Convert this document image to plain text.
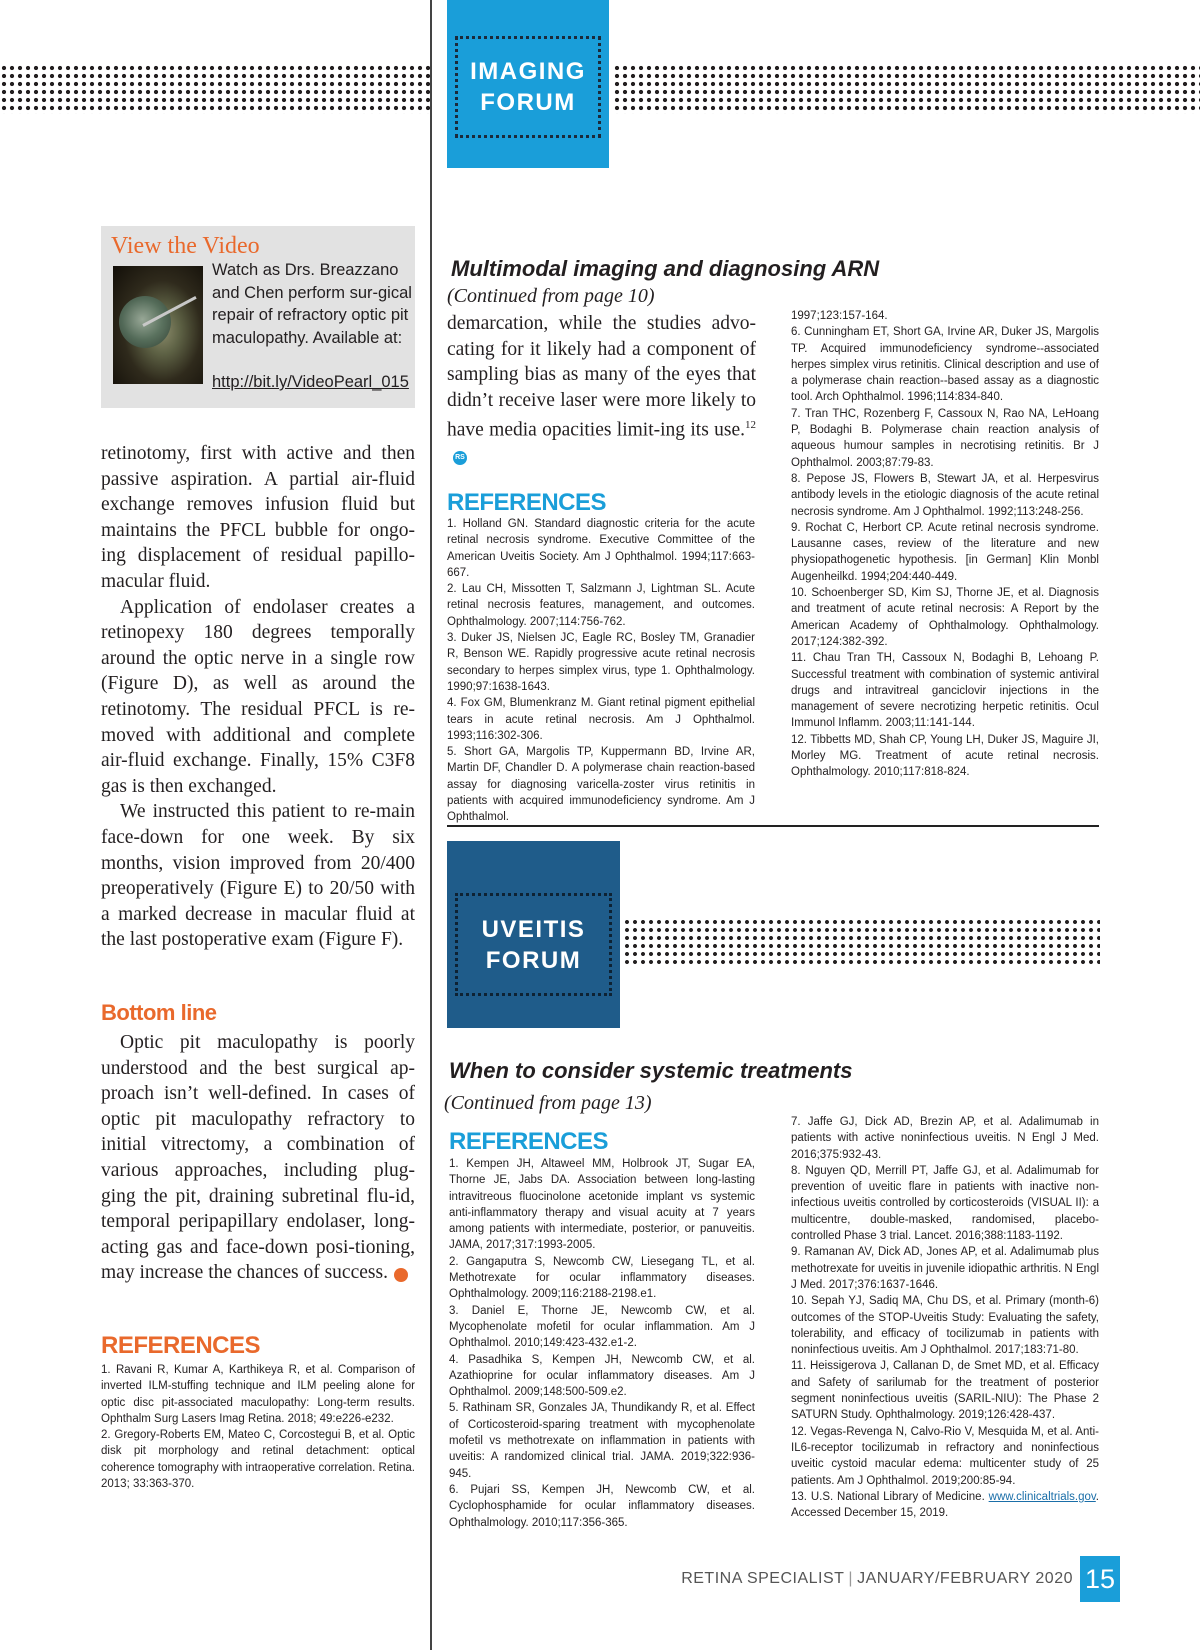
IMAGING
FORUM
UVEITIS
FORUM
View the Video
Watch as Drs. Breazzano and Chen perform sur-gical repair of refractory optic pit maculopathy. Available at:
http://bit.ly/VideoPearl_015

retinotomy, first with active and then passive aspiration. A partial air-fluid exchange removes infusion fluid but maintains the PFCL bubble for ongo-ing displacement of residual papillo-macular fluid.

Application of endolaser creates a retinopexy 180 degrees temporally around the optic nerve in a single row (Figure D), as well as around the retinotomy. The residual PFCL is re-moved with additional and complete air-fluid exchange. Finally, 15% C3F8 gas is then exchanged.

We instructed this patient to re-main face-down for one week. By six months, vision improved from 20/400 preoperatively (Figure E) to 20/50 with a marked decrease in macular fluid at the last postoperative exam (Figure F).

Bottom line

Optic pit maculopathy is poorly understood and the best surgical ap-proach isn’t well-defined. In cases of optic pit maculopathy refractory to initial vitrectomy, a combination of various approaches, including plug-ging the pit, draining subretinal flu-id, temporal peripapillary endolaser, long-acting gas and face-down posi-tioning, may increase the chances of success.	RS

REFERENCES

1. Ravani R, Kumar A, Karthikeya R, et al. Comparison of inverted ILM-stuffing technique and ILM peeling alone for optic disc pit-associated maculopathy: Long-term results. Ophthalm Surg Lasers Imag Retina. 2018; 49:e226-e232.

2. Gregory-Roberts EM, Mateo C, Corcostegui B, et al. Optic disk pit morphology and retinal detachment: optical coherence tomography with intraoperative correlation. Retina. 2013; 33:363-370.

Multimodal imaging and diagnosing ARN
(Continued from page 10)

demarcation, while the studies advo-cating for it likely had a component of sampling bias as many of the eyes that didn’t receive laser were more likely to have media opacities limit-ing its use.$^{12}$RS

REFERENCES

1. Holland GN. Standard diagnostic criteria for the acute retinal necrosis syndrome. Executive Committee of the American Uveitis Society. Am J Ophthalmol. 1994;117:663-667.

2. Lau CH, Missotten T, Salzmann J, Lightman SL. Acute retinal necrosis features, management, and outcomes. Ophthalmology. 2007;114:756-762.

3. Duker JS, Nielsen JC, Eagle RC, Bosley TM, Granadier R, Benson WE. Rapidly progressive acute retinal necrosis secondary to herpes simplex virus, type 1. Ophthalmology. 1990;97:1638-1643.

4. Fox GM, Blumenkranz M. Giant retinal pigment epithelial tears in acute retinal necrosis. Am J Ophthalmol. 1993;116:302-306.

5. Short GA, Margolis TP, Kuppermann BD, Irvine AR, Martin DF, Chandler D. A polymerase chain reaction-based assay for diagnosing varicella-zoster virus retinitis in patients with acquired immunodeficiency syndrome. Am J Ophthalmol.

1997;123:157-164.

6. Cunningham ET, Short GA, Irvine AR, Duker JS, Margolis TP. Acquired immunodeficiency syndrome--associated herpes simplex virus retinitis. Clinical description and use of a polymerase chain reaction--based assay as a diagnostic tool. Arch Ophthalmol. 1996;114:834-840.

7. Tran THC, Rozenberg F, Cassoux N, Rao NA, LeHoang P, Bodaghi B. Polymerase chain reaction analysis of aqueous humour samples in necrotising retinitis. Br J Ophthalmol. 2003;87:79-83.

8. Pepose JS, Flowers B, Stewart JA, et al. Herpesvirus antibody levels in the etiologic diagnosis of the acute retinal necrosis syndrome. Am J Ophthalmol. 1992;113:248-256.

9. Rochat C, Herbort CP. Acute retinal necrosis syndrome. Lausanne cases, review of the literature and new physiopathogenetic hypothesis. [in German] Klin Monbl Augenheilkd. 1994;204:440-449.

10. Schoenberger SD, Kim SJ, Thorne JE, et al. Diagnosis and treatment of acute retinal necrosis: A Report by the American Academy of Ophthalmology. Ophthalmology. 2017;124:382-392.

11. Chau Tran TH, Cassoux N, Bodaghi B, Lehoang P. Successful treatment with combination of systemic antiviral drugs and intravitreal ganciclovir injections in the management of severe necrotizing herpetic retinitis. Ocul Immunol Inflamm. 2003;11:141-144.

12. Tibbetts MD, Shah CP, Young LH, Duker JS, Maguire JI, Morley MG. Treatment of acute retinal necrosis. Ophthalmology. 2010;117:818-824.

When to consider systemic treatments
(Continued from page 13)
REFERENCES

1. Kempen JH, Altaweel MM, Holbrook JT, Sugar EA, Thorne JE, Jabs DA. Association between long-lasting intravitreous fluocinolone acetonide implant vs systemic anti-inflammatory therapy and visual acuity at 7 years among patients with intermediate, posterior, or panuveitis. JAMA, 2017;317:1993-2005.

2. Gangaputra S, Newcomb CW, Liesegang TL, et al. Methotrexate for ocular inflammatory diseases. Ophthalmology. 2009;116:2188-2198.e1.

3. Daniel E, Thorne JE, Newcomb CW, et al. Mycophenolate mofetil for ocular inflammation. Am J Ophthalmol. 2010;149:423-432.e1-2.

4. Pasadhika S, Kempen JH, Newcomb CW, et al. Azathioprine for ocular inflammatory diseases. Am J Ophthalmol. 2009;148:500-509.e2.

5. Rathinam SR, Gonzales JA, Thundikandy R, et al. Effect of Corticosteroid-sparing treatment with mycophenolate mofetil vs methotrexate on inflammation in patients with uveitis: A randomized clinical trial. JAMA. 2019;322:936-945.

6. Pujari SS, Kempen JH, Newcomb CW, et al. Cyclophosphamide for ocular inflammatory diseases. Ophthalmology. 2010;117:356-365.

7. Jaffe GJ, Dick AD, Brezin AP, et al. Adalimumab in patients with active noninfectious uveitis. N Engl J Med. 2016;375:932-43.

8. Nguyen QD, Merrill PT, Jaffe GJ, et al. Adalimumab for prevention of uveitic flare in patients with inactive non-infectious uveitis controlled by corticosteroids (VISUAL II): a multicentre, double-masked, randomised, placebo-controlled Phase 3 trial. Lancet. 2016;388:1183-1192.

9. Ramanan AV, Dick AD, Jones AP, et al. Adalimumab plus methotrexate for uveitis in juvenile idiopathic arthritis. N Engl J Med. 2017;376:1637-1646.

10. Sepah YJ, Sadiq MA, Chu DS, et al. Primary (month-6) outcomes of the STOP-Uveitis Study: Evaluating the safety, tolerability, and efficacy of tocilizumab in patients with noninfectious uveitis. Am J Ophthalmol. 2017;183:71-80.

11. Heissigerova J, Callanan D, de Smet MD, et al. Efficacy and Safety of sarilumab for the treatment of posterior segment noninfectious uveitis (SARIL-NIU): The Phase 2 SATURN Study. Ophthalmology. 2019;126:428-437.

12. Vegas-Revenga N, Calvo-Rio V, Mesquida M, et al. Anti-IL6-receptor tocilizumab in refractory and noninfectious uveitic cystoid macular edema: multicenter study of 25 patients. Am J Ophthalmol. 2019;200:85-94.

13. U.S. National Library of Medicine. www.clinicaltrials.gov. Accessed December 15, 2019.

RETINA SPECIALIST | JANUARY/FEBRUARY 2020 15
